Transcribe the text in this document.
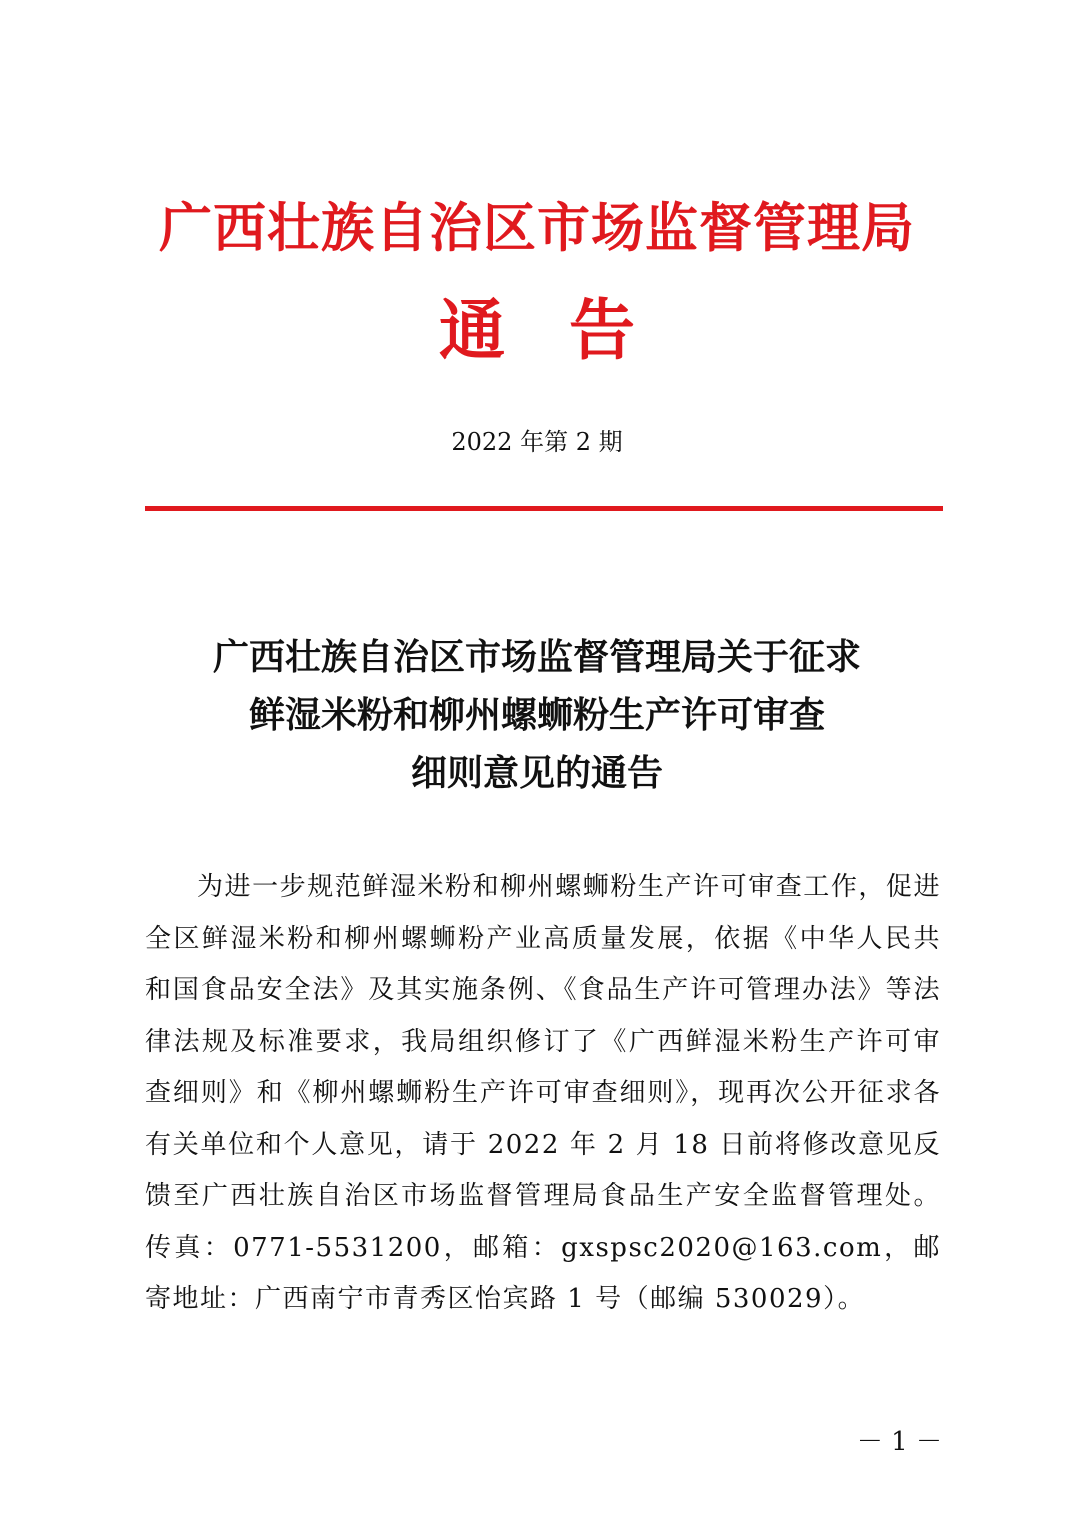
广西壮族自治区市场监督管理局
通 告
2022 年第 2 期
广西壮族自治区市场监督管理局关于征求
鲜湿米粉和柳州螺蛳粉生产许可审查
细则意见的通告

为进一步规范鲜湿米粉和柳州螺蛳粉生产许可审查工作，促进全区鲜湿米粉和柳州螺蛳粉产业高质量发展，依据《中华人民共和国食品安全法》及其实施条例、《食品生产许可管理办法》等法律法规及标准要求，我局组织修订了《广西鲜湿米粉生产许可审查细则》和《柳州螺蛳粉生产许可审查细则》，现再次公开征求各有关单位和个人意见，请于 2022 年 2 月 18 日前将修改意见反馈至广西壮族自治区市场监督管理局食品生产安全监督管理处。传真：0771-5531200，邮箱：gxspsc2020@163.com，邮寄地址：广西南宁市青秀区怡宾路 1 号（邮编 530029）。

－ 1 －
